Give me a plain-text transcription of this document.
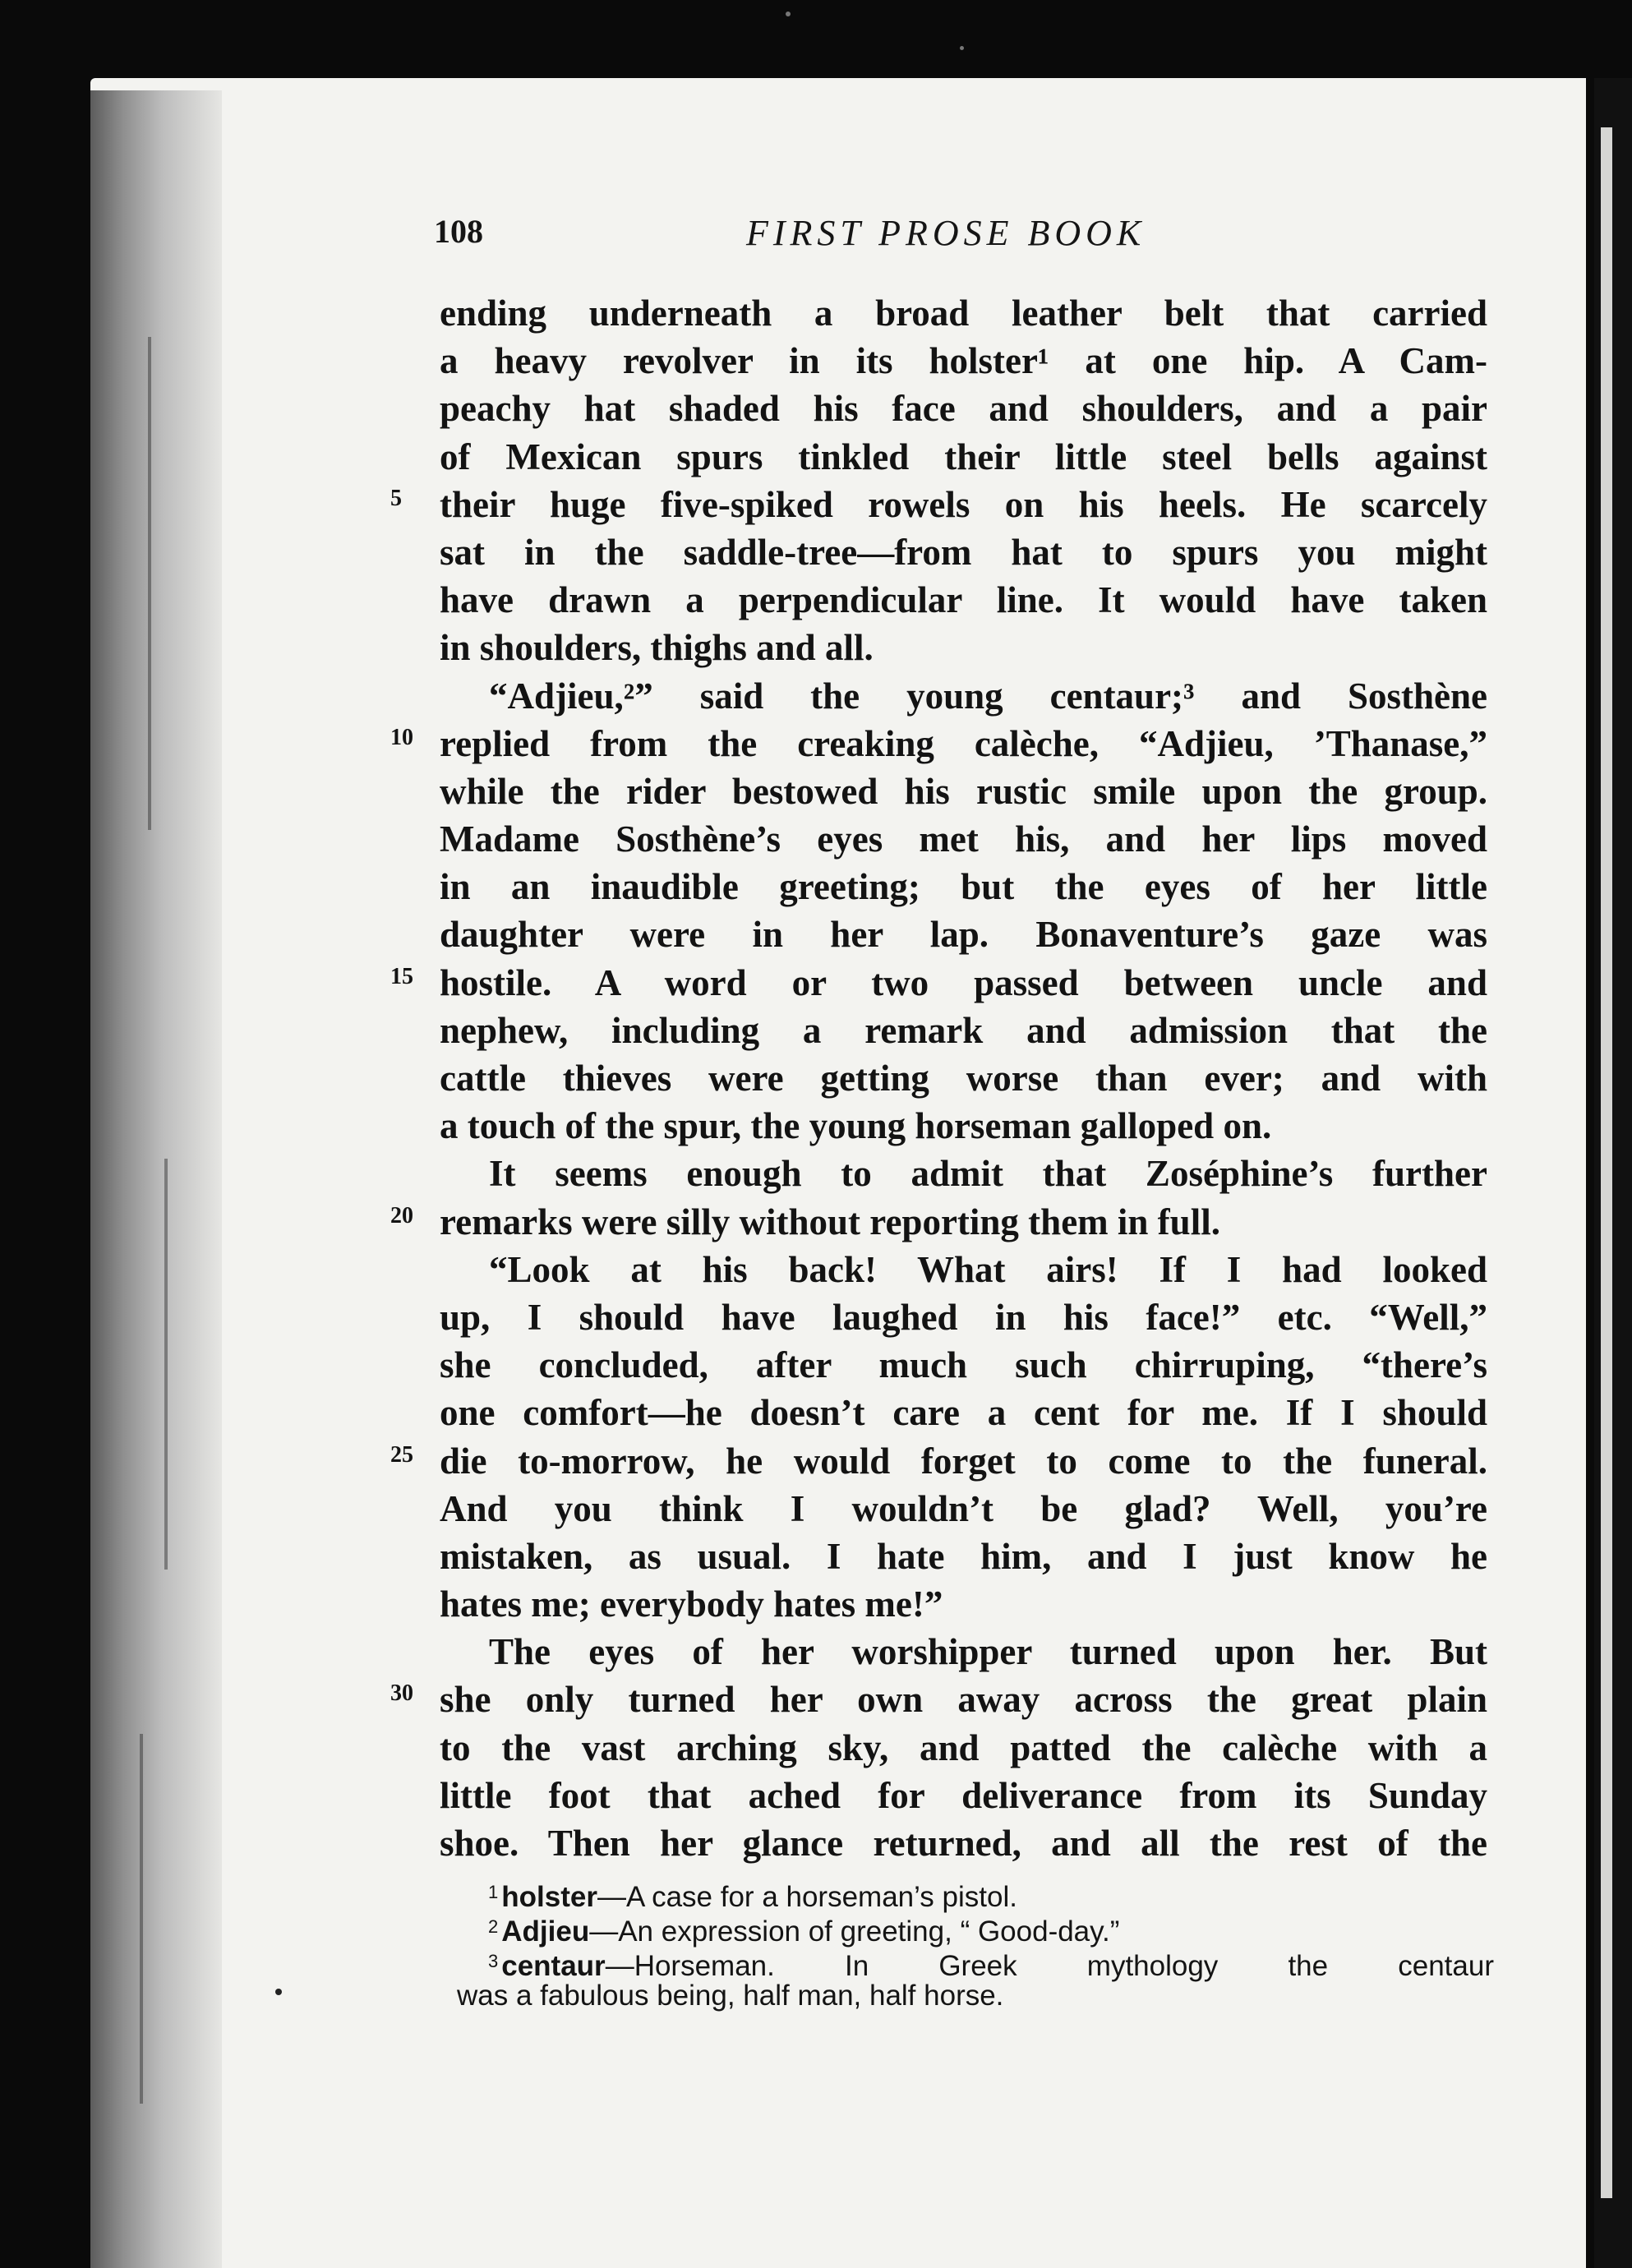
108	FIRST PROSE BOOK
ending underneath a broad leather belt that carried
a heavy revolver in its holster¹ at one hip. A Cam-
peachy hat shaded his face and shoulders, and a pair
of Mexican spurs tinkled their little steel bells against
5 their huge five-spiked rowels on his heels. He scarcely
sat in the saddle-tree—from hat to spurs you might
have drawn a perpendicular line. It would have taken
in shoulders, thighs and all.
“Adjieu,²” said the young centaur;³ and Sosthène
10 replied from the creaking calèche, “Adjieu, ’Thanase,”
while the rider bestowed his rustic smile upon the group.
Madame Sosthène’s eyes met his, and her lips moved
in an inaudible greeting; but the eyes of her little
daughter were in her lap. Bonaventure’s gaze was
15 hostile. A word or two passed between uncle and
nephew, including a remark and admission that the
cattle thieves were getting worse than ever; and with
a touch of the spur, the young horseman galloped on.
It seems enough to admit that Zoséphine’s further
20 remarks were silly without reporting them in full.
“Look at his back! What airs! If I had looked
up, I should have laughed in his face!” etc. “Well,”
she concluded, after much such chirruping, “there’s
one comfort—he doesn’t care a cent for me. If I should
25 die to-morrow, he would forget to come to the funeral.
And you think I wouldn’t be glad? Well, you’re
mistaken, as usual. I hate him, and I just know he
hates me; everybody hates me!”
The eyes of her worshipper turned upon her. But
30 she only turned her own away across the great plain
to the vast arching sky, and patted the calèche with a
little foot that ached for deliverance from its Sunday
shoe. Then her glance returned, and all the rest of the
$^1$ holster—A case for a horseman’s pistol.
$^2$ Adjieu—An expression of greeting, “ Good-day.”
$^3$ centaur—Horseman. In Greek mythology the centaur
was a fabulous being, half man, half horse.
